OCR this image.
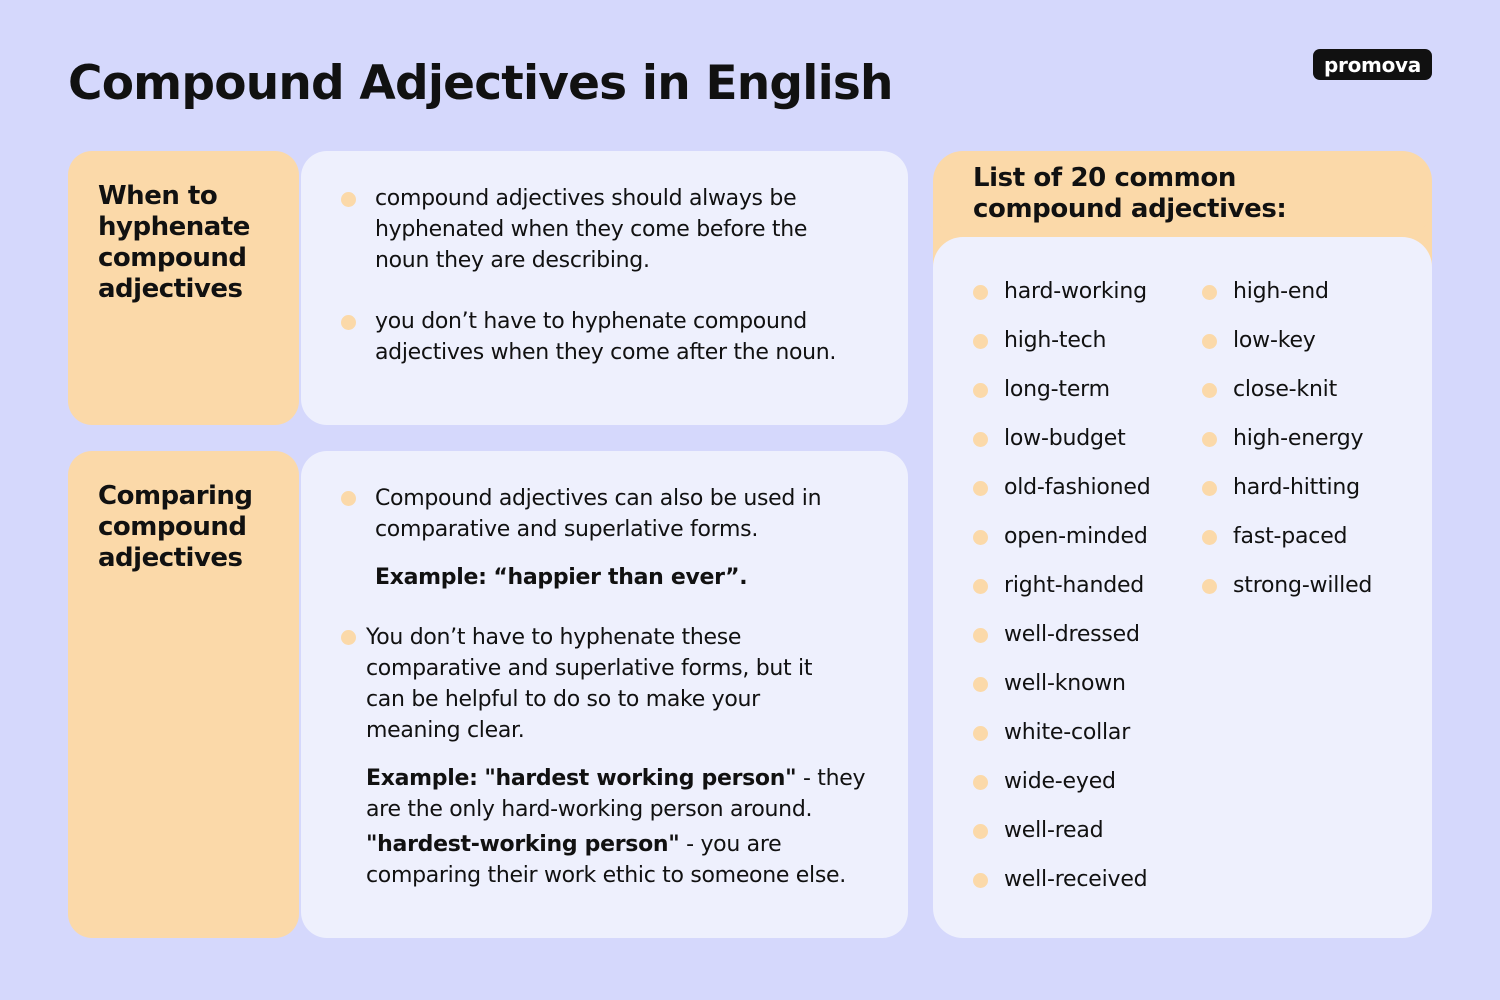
Compound Adjectives in English	promova
When to hyphenate compound adjectives
compound adjectives should always be hyphenated when they come before the noun they are describing.
you don’t have to hyphenate compound adjectives when they come after the noun.
Comparing compound adjectives
Compound adjectives can also be used in comparative and superlative forms.
Example: “happier than ever”.
You don’t have to hyphenate these comparative and superlative forms, but it can be helpful to do so to make your meaning clear.
Example: "hardest working person" - they are the only hard-working person around.
"hardest-working person" - you are comparing their work ethic to someone else.
hard-working
high-tech
long-term
low-budget
old-fashioned
open-minded
right-handed
well-dressed
well-known
white-collar
wide-eyed
well-read
well-received
high-end
low-key
close-knit
high-energy
hard-hitting
fast-paced
strong-willed
List of 20 common compound adjectives:
